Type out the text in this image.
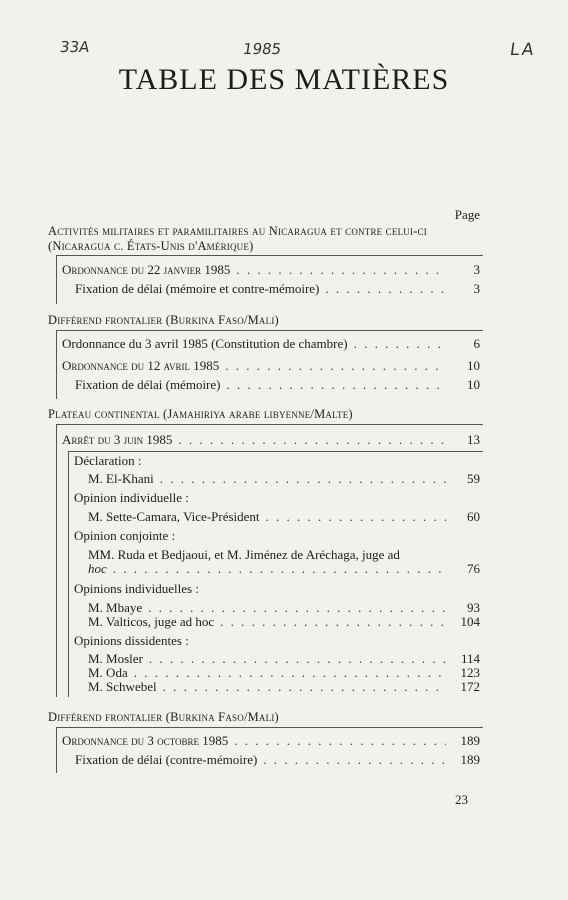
33A	1985	LA
TABLE DES MATIÈRES
Page
Activités militaires et paramilitaires au Nicaragua et contre celui-ci (Nicaragua c. États-Unis d'Amérique)
Ordonnance du 22 janvier 1985 . . .	3
Fixation de délai (mémoire et contre-mémoire) . . .	3
Différend frontalier (Burkina Faso/Mali)
Ordonnance du 3 avril 1985 (Constitution de chambre) . . .	6
Ordonnance du 12 avril 1985 . . .	10
Fixation de délai (mémoire) . . .	10
Plateau continental (Jamahiriya arabe libyenne/Malte)
Arrêt du 3 juin 1985 . . .	13
Déclaration :
M. El-Khani . . .	59
Opinion individuelle :
M. Sette-Camara, Vice-Président . . .	60
Opinion conjointe :
MM. Ruda et Bedjaoui, et M. Jiménez de Aréchaga, juge ad
hoc . . .	76
Opinions individuelles :
M. Mbaye . . .	93
M. Valticos, juge ad hoc . . .	104
Opinions dissidentes :
M. Mosler . . .	114
M. Oda . . .	123
M. Schwebel . . .	172
Différend frontalier (Burkina Faso/Mali)
Ordonnance du 3 octobre 1985 . . .	189
Fixation de délai (contre-mémoire) . . .	189
23
